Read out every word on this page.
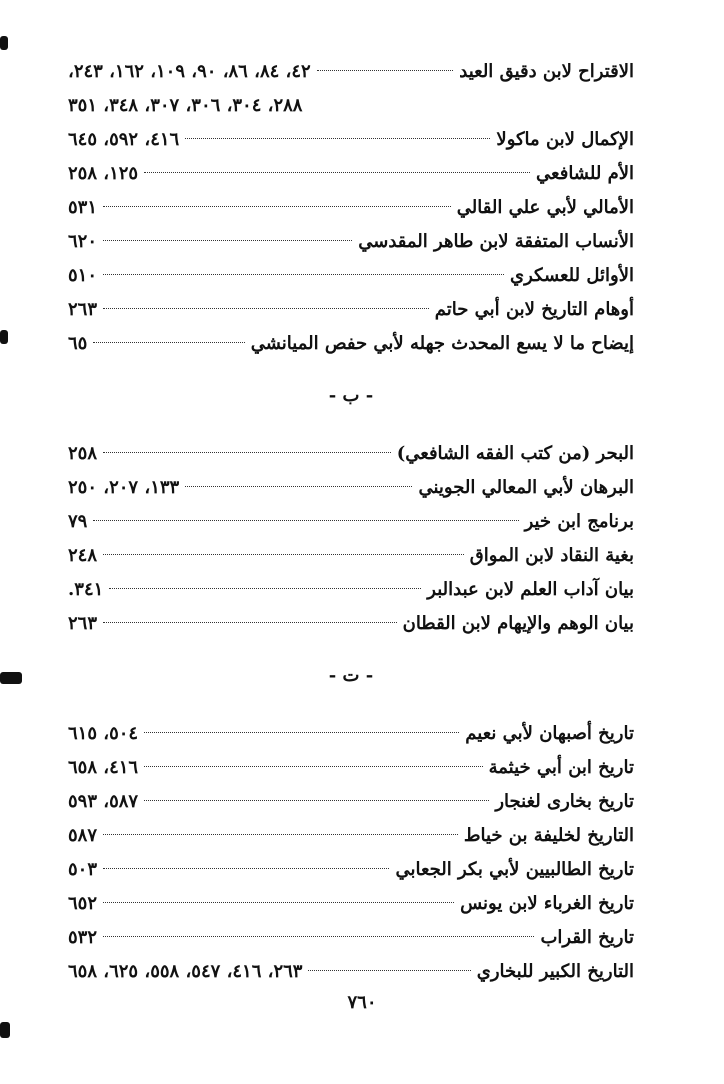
الاقتراح لابن دقيق العيد
٤٢، ٨٤، ٨٦، ٩٠، ١٠٩، ١٦٢، ٢٤٣،
٢٨٨، ٣٠٤، ٣٠٦، ٣٠٧، ٣٤٨، ٣٥١
الإكمال لابن ماكولا
٤١٦، ٥٩٢، ٦٤٥
الأم للشافعي
١٢٥، ٢٥٨
الأمالي لأبي علي القالي
٥٣١
الأنساب المتفقة لابن طاهر المقدسي
٦٢٠
الأوائل للعسكري
٥١٠
أوهام التاريخ لابن أبي حاتم
٢٦٣
إيضاح ما لا يسع المحدث جهله لأبي حفص الميانشي
٦٥
- ب -
البحر (من كتب الفقه الشافعي)
٢٥٨
البرهان لأبي المعالي الجويني
١٣٣، ٢٠٧، ٢٥٠
برنامج ابن خير
٧٩
بغية النقاد لابن المواق
٢٤٨
بيان آداب العلم لابن عبدالبر
٣٤١.
بيان الوهم والإيهام لابن القطان
٢٦٣
- ت -
تاريخ أصبهان لأبي نعيم
٥٠٤، ٦١٥
تاريخ ابن أبي خيثمة
٤١٦، ٦٥٨
تاريخ بخارى لغنجار
٥٨٧، ٥٩٣
التاريخ لخليفة بن خياط
٥٨٧
تاريخ الطالبيين لأبي بكر الجعابي
٥٠٣
تاريخ الغرباء لابن يونس
٦٥٢
تاريخ القراب
٥٣٢
التاريخ الكبير للبخاري
٢٦٣، ٤١٦، ٥٤٧، ٥٥٨، ٦٢٥، ٦٥٨
٧٦٠
